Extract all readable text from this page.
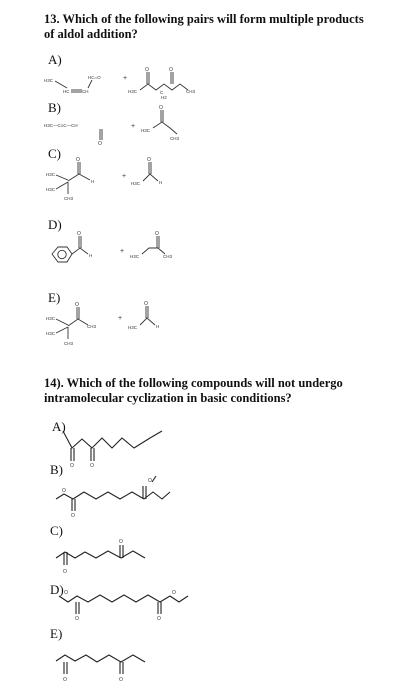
13. Which of the following pairs will form multiple products
of aldol addition?
A)
B)
C)
D)
E)
H3C
HC	CH
HC=O	+
H3C
O	O
C
H2
CH3
H3C—C≡C—CH
O
+
H3C
O
CH3
H3C
H3C
CH3
O
H
+
H3C
O
H
O
H
+
H3C
O
CH3
H3C
H3C
CH3
O
CH3
+
H3C
O
H
O	O
O
O
O
O
O
O
O	O
O
O	O
14). Which of the following compounds will not undergo
intramolecular cyclization in basic conditions?
A)
B)
C)
D)
E)
